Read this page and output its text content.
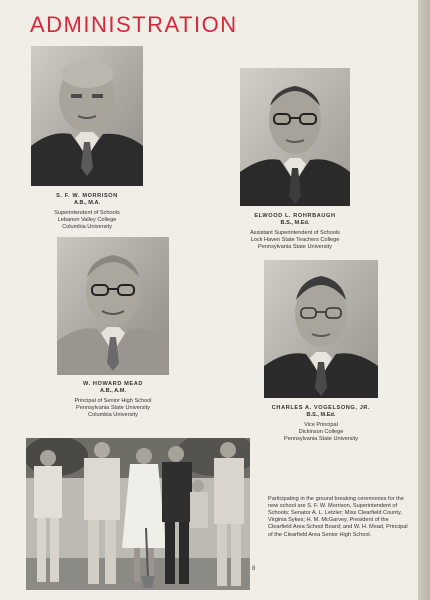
ADMINISTRATION
S. F. W. MORRISON
A.B., M.A.
Superintendent of Schools
Lebanon Valley College
Columbia University
ELWOOD L. ROHRBAUGH
B.S., M.Ed.
Assistant Superintendent of Schools
Lock Haven State Teachers College
Pennsylvania State University
W. HOWARD MEAD
A.B., A.M.
Principal of Senior High School
Pennsylvania State University
Columbia University
CHARLES A. VOGELSONG, JR.
B.S., M.Ed.
Vice Principal
Dickinson College
Pennsylvania State University

Participating in the ground breaking ceremonies for the new school are S. F. W. Morrison, Superintendent of Schools; Senator A. L. Letzler; Miss Clearfield County, Virginia Sykes; H. M. McGarvey, President of the Clearfield Area School Board; and W. H. Mead, Principal of the Clearfield Area Senior High School.

8
